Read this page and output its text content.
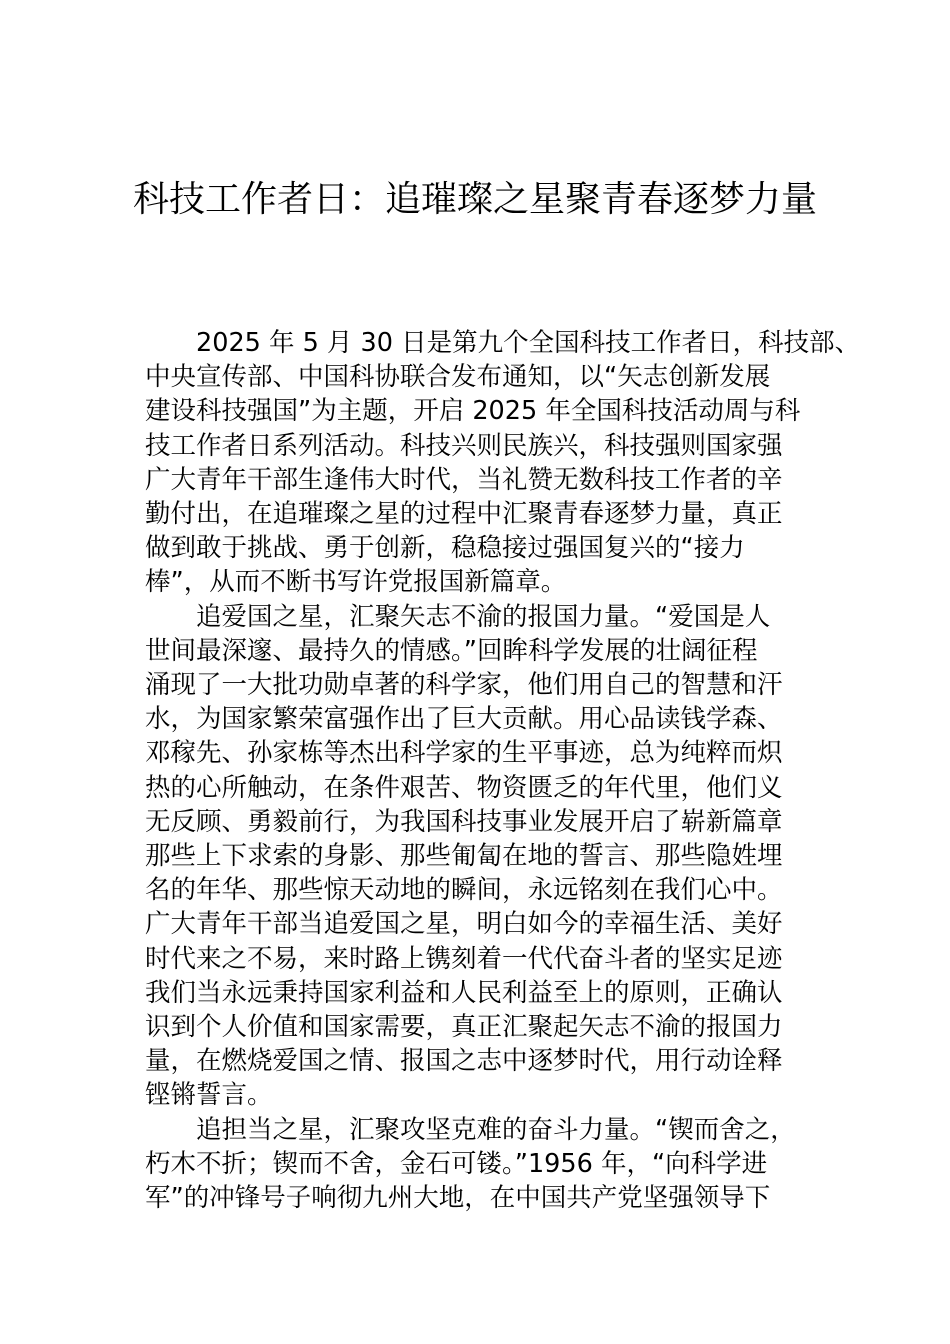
科技工作者日：追璀璨之星聚青春逐梦力量

2025 年 5 月 30 日是第九个全国科技工作者日，科技部、
中央宣传部、中国科协联合发布通知，以“矢志创新发展
建设科技强国”为主题，开启 2025 年全国科技活动周与科
技工作者日系列活动。科技兴则民族兴，科技强则国家强
广大青年干部生逢伟大时代，当礼赞无数科技工作者的辛
勤付出，在追璀璨之星的过程中汇聚青春逐梦力量，真正
做到敢于挑战、勇于创新，稳稳接过强国复兴的“接力
棒”，从而不断书写许党报国新篇章。

追爱国之星，汇聚矢志不渝的报国力量。“爱国是人
世间最深邃、最持久的情感。”回眸科学发展的壮阔征程
涌现了一大批功勋卓著的科学家，他们用自己的智慧和汗
水，为国家繁荣富强作出了巨大贡献。用心品读钱学森、
邓稼先、孙家栋等杰出科学家的生平事迹，总为纯粹而炽
热的心所触动，在条件艰苦、物资匮乏的年代里，他们义
无反顾、勇毅前行，为我国科技事业发展开启了崭新篇章
那些上下求索的身影、那些匍匐在地的誓言、那些隐姓埋
名的年华、那些惊天动地的瞬间，永远铭刻在我们心中。
广大青年干部当追爱国之星，明白如今的幸福生活、美好
时代来之不易，来时路上镌刻着一代代奋斗者的坚实足迹
我们当永远秉持国家利益和人民利益至上的原则，正确认
识到个人价值和国家需要，真正汇聚起矢志不渝的报国力
量，在燃烧爱国之情、报国之志中逐梦时代，用行动诠释
铿锵誓言。

追担当之星，汇聚攻坚克难的奋斗力量。“锲而舍之，
朽木不折；锲而不舍，金石可镂。”1956 年，“向科学进
军”的冲锋号子响彻九州大地，在中国共产党坚强领导下
